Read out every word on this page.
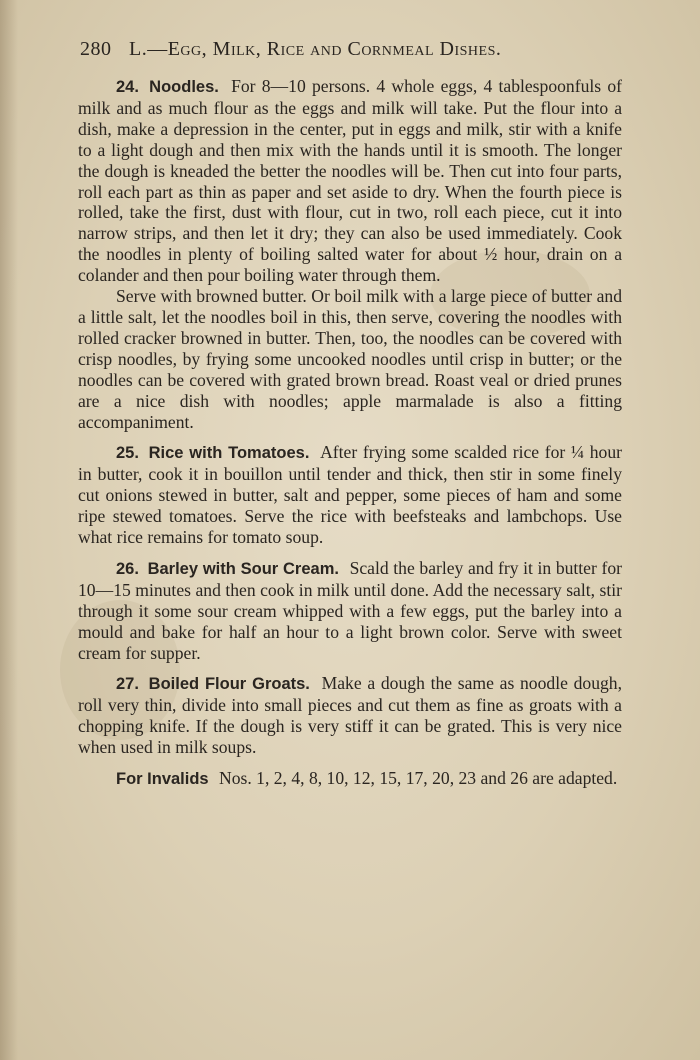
280 L.—Egg, Milk, Rice and Cornmeal Dishes.

24. Noodles. For 8—10 persons. 4 whole eggs, 4 tablespoonfuls of milk and as much flour as the eggs and milk will take. Put the flour into a dish, make a depression in the center, put in eggs and milk, stir with a knife to a light dough and then mix with the hands until it is smooth. The longer the dough is kneaded the better the noodles will be. Then cut into four parts, roll each part as thin as paper and set aside to dry. When the fourth piece is rolled, take the first, dust with flour, cut in two, roll each piece, cut it into narrow strips, and then let it dry; they can also be used immediately. Cook the noodles in plenty of boiling salted water for about ½ hour, drain on a colander and then pour boiling water through them.

Serve with browned butter. Or boil milk with a large piece of butter and a little salt, let the noodles boil in this, then serve, covering the noodles with rolled cracker browned in butter. Then, too, the noodles can be covered with crisp noodles, by frying some uncooked noodles until crisp in butter; or the noodles can be covered with grated brown bread. Roast veal or dried prunes are a nice dish with noodles; apple marmalade is also a fitting accompaniment.

25. Rice with Tomatoes. After frying some scalded rice for ¼ hour in butter, cook it in bouillon until tender and thick, then stir in some finely cut onions stewed in butter, salt and pepper, some pieces of ham and some ripe stewed tomatoes. Serve the rice with beefsteaks and lambchops. Use what rice remains for tomato soup.

26. Barley with Sour Cream. Scald the barley and fry it in butter for 10—15 minutes and then cook in milk until done. Add the necessary salt, stir through it some sour cream whipped with a few eggs, put the barley into a mould and bake for half an hour to a light brown color. Serve with sweet cream for supper.

27. Boiled Flour Groats. Make a dough the same as noodle dough, roll very thin, divide into small pieces and cut them as fine as groats with a chopping knife. If the dough is very stiff it can be grated. This is very nice when used in milk soups.

For Invalids Nos. 1, 2, 4, 8, 10, 12, 15, 17, 20, 23 and 26 are adapted.
